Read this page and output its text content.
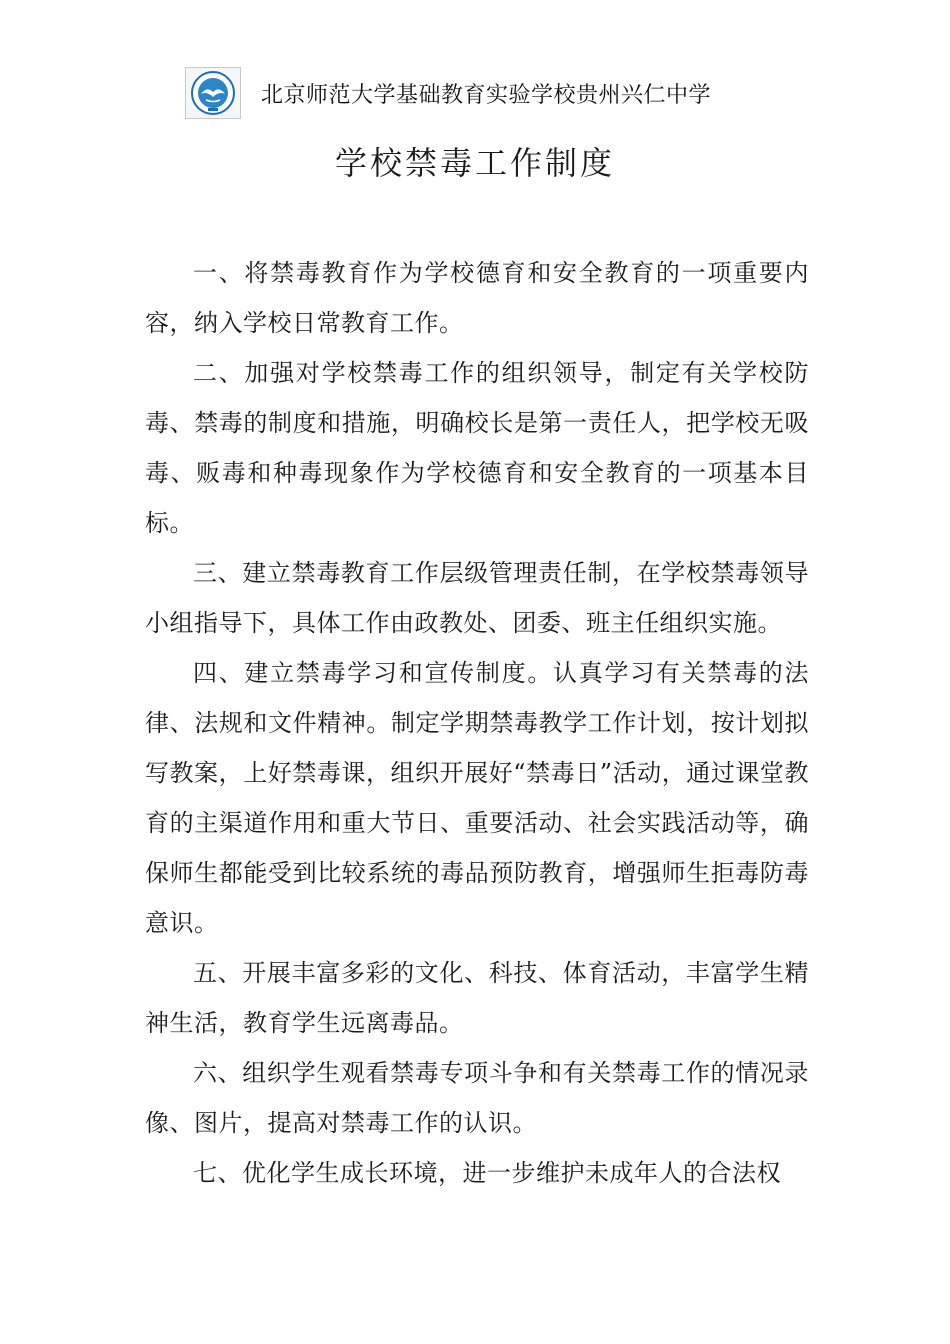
北京师范大学基础教育实验学校贵州兴仁中学
学校禁毒工作制度

一、将禁毒教育作为学校德育和安全教育的一项重要内容，纳入学校日常教育工作。

二、加强对学校禁毒工作的组织领导，制定有关学校防毒、禁毒的制度和措施，明确校长是第一责任人，把学校无吸毒、贩毒和种毒现象作为学校德育和安全教育的一项基本目标。

三、建立禁毒教育工作层级管理责任制，在学校禁毒领导小组指导下，具体工作由政教处、团委、班主任组织实施。

四、建立禁毒学习和宣传制度。认真学习有关禁毒的法律、法规和文件精神。制定学期禁毒教学工作计划，按计划拟写教案，上好禁毒课，组织开展好“禁毒日”活动，通过课堂教育的主渠道作用和重大节日、重要活动、社会实践活动等，确保师生都能受到比较系统的毒品预防教育，增强师生拒毒防毒意识。

五、开展丰富多彩的文化、科技、体育活动，丰富学生精神生活，教育学生远离毒品。

六、组织学生观看禁毒专项斗争和有关禁毒工作的情况录像、图片，提高对禁毒工作的认识。

七、优化学生成长环境，进一步维护未成年人的合法权
